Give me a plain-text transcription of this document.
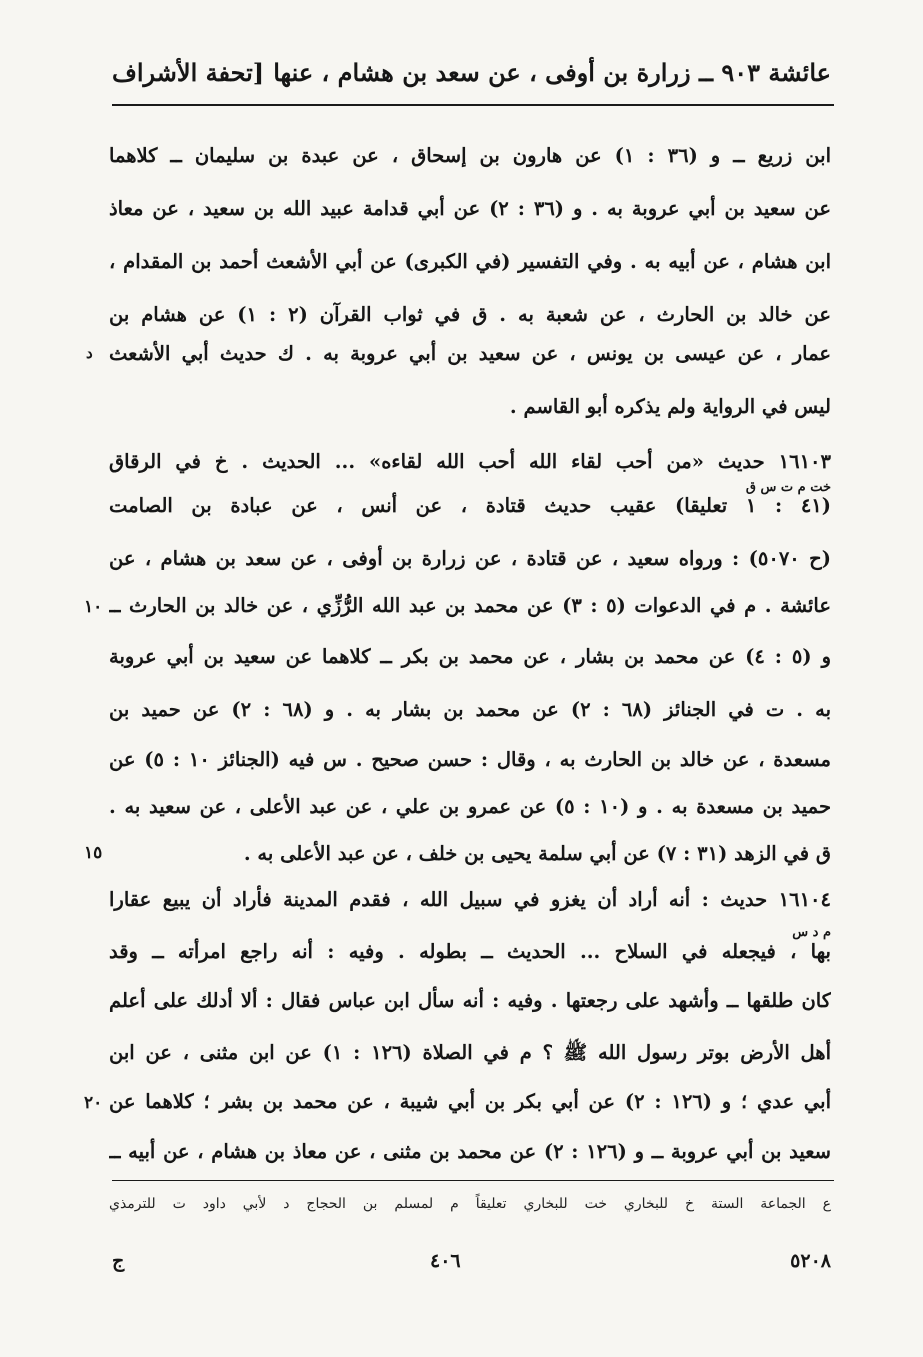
عائشة ٩٠٣ ــ زرارة بن أوفى ، عن سعد بن هشام ، عنها
[تحفة الأشراف
ابن زريع ــ و (٣٦ : ١) عن هارون بن إسحاق ، عن عبدة بن سليمان ــ كلاهما
عن سعيد بن أبي عروبة به . و (٣٦ : ٢) عن أبي قدامة عبيد الله بن سعيد ، عن معاذ
ابن هشام ، عن أبيه به . وفي التفسير (في الكبرى) عن أبي الأشعث أحمد بن المقدام ،
عن خالد بن الحارث ، عن شعبة به . ق في ثواب القرآن (٢ : ١) عن هشام بن
عمار ، عن عيسى بن يونس ، عن سعيد بن أبي عروبة به . ك حديث أبي الأشعث
ليس في الرواية ولم يذكره أبو القاسم .
١٦١٠٣ حديث «من أحب لقاء الله أحب الله لقاءه» ... الحديث . خ في الرقاق
(٤١ : ١ تعليقا) عقيب حديث قتادة ، عن أنس ، عن عبادة بن الصامت
(ح ٥٠٧٠) : ورواه سعيد ، عن قتادة ، عن زرارة بن أوفى ، عن سعد بن هشام ، عن
عائشة . م في الدعوات (٥ : ٣) عن محمد بن عبد الله الرُّزِّي ، عن خالد بن الحارث ــ
و (٥ : ٤) عن محمد بن بشار ، عن محمد بن بكر ــ كلاهما عن سعيد بن أبي عروبة
به . ت في الجنائز (٦٨ : ٢) عن محمد بن بشار به . و (٦٨ : ٢) عن حميد بن
مسعدة ، عن خالد بن الحارث به ، وقال : حسن صحيح . س فيه (الجنائز ١٠ : ٥) عن
حميد بن مسعدة به . و (١٠ : ٥) عن عمرو بن علي ، عن عبد الأعلى ، عن سعيد به .
ق في الزهد (٣١ : ٧) عن أبي سلمة يحيى بن خلف ، عن عبد الأعلى به .
١٦١٠٤ حديث : أنه أراد أن يغزو في سبيل الله ، فقدم المدينة فأراد أن يبيع عقارا
بها ، فيجعله في السلاح ... الحديث ــ بطوله . وفيه : أنه راجع امرأته ــ وقد
كان طلقها ــ وأشهد على رجعتها . وفيه : أنه سأل ابن عباس فقال : ألا أدلك على أعلم
أهل الأرض بوتر رسول الله ﷺ ؟ م في الصلاة (١٢٦ : ١) عن ابن مثنى ، عن ابن
أبي عدي ؛ و (١٢٦ : ٢) عن أبي بكر بن أبي شيبة ، عن محمد بن بشر ؛ كلاهما عن
سعيد بن أبي عروبة ــ و (١٢٦ : ٢) عن محمد بن مثنى ، عن معاذ بن هشام ، عن أبيه ــ
١٠
١٥
٢٠
د
خت م ت س ق
م د س
ع الجماعة الستة خ للبخاري خت للبخاري تعليقاً م لمسلم بن الحجاج د لأبي داود ت للترمذي
٥٢٠٨
٤٠٦
ج
